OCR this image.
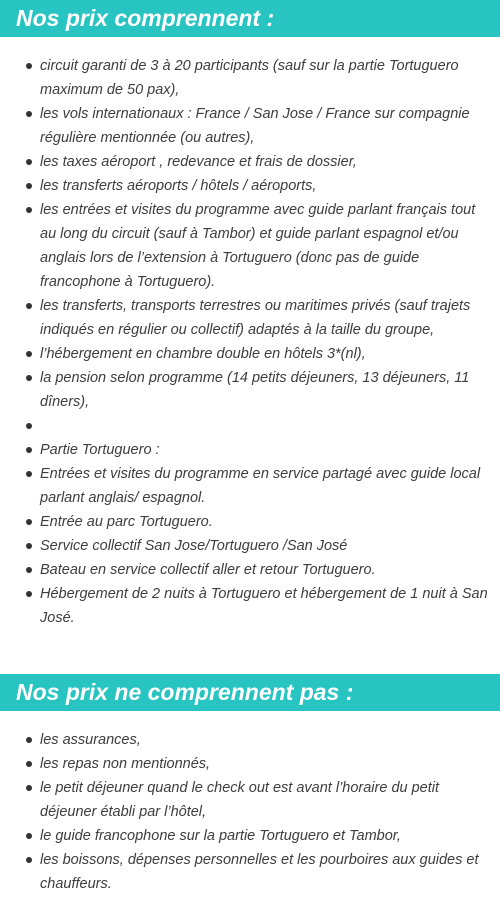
Nos prix comprennent :
circuit garanti de 3 à 20 participants (sauf sur la partie Tortuguero maximum de 50 pax),
les vols internationaux : France / San Jose / France sur compagnie régulière mentionnée (ou autres),
les taxes aéroport , redevance et frais de dossier,
les transferts aéroports / hôtels / aéroports,
les entrées et visites du programme avec guide parlant français tout au long du circuit (sauf à Tambor) et guide parlant espagnol et/ou anglais lors de l’extension à Tortuguero (donc pas de guide francophone à Tortuguero).
les transferts, transports terrestres ou maritimes privés (sauf trajets indiqués en régulier ou collectif) adaptés à la taille du groupe,
l’hébergement en chambre double en hôtels 3*(nl),
la pension selon programme (14 petits déjeuners, 13 déjeuners, 11 dîners),
Partie Tortuguero :
Entrées et visites du programme en service partagé avec guide local parlant anglais/ espagnol.
Entrée au parc Tortuguero.
Service collectif San Jose/Tortuguero /San José
Bateau en service collectif aller et retour Tortuguero.
Hébergement de 2 nuits à Tortuguero et hébergement de 1 nuit à San José.
Nos prix ne comprennent pas :
les assurances,
les repas non mentionnés,
le petit déjeuner quand le check out est avant l’horaire du petit déjeuner établi par l’hôtel,
le guide francophone sur la partie Tortuguero et Tambor,
les boissons, dépenses personnelles et les pourboires aux guides et chauffeurs.
